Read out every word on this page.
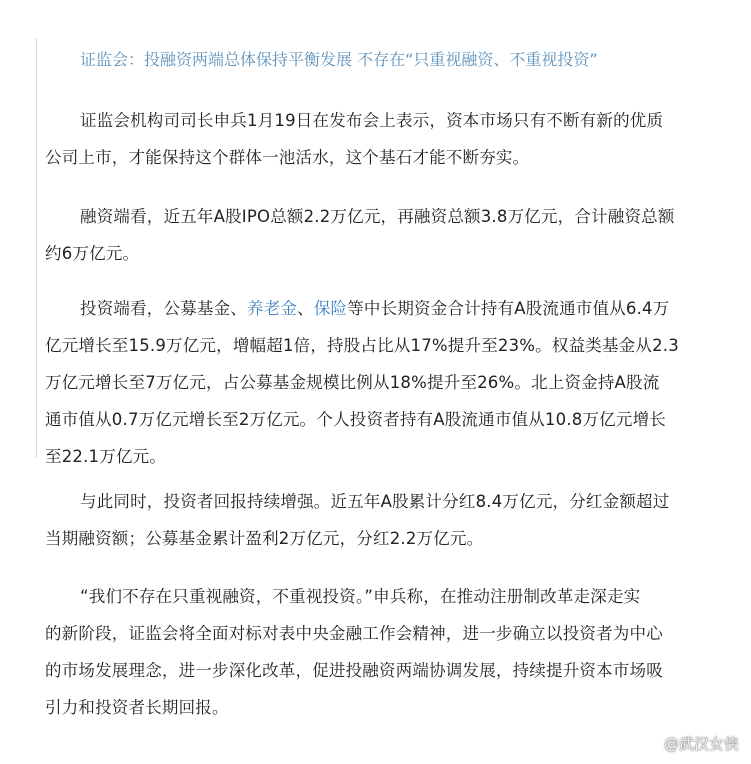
证监会：投融资两端总体保持平衡发展 不存在“只重视融资、不重视投资”
证监会机构司司长申兵1月19日在发布会上表示，资本市场只有不断有新的优质
公司上市，才能保持这个群体一池活水，这个基石才能不断夯实。
融资端看，近五年A股IPO总额2.2万亿元，再融资总额3.8万亿元，合计融资总额
约6万亿元。
投资端看，公募基金、养老金、保险等中长期资金合计持有A股流通市值从6.4万
亿元增长至15.9万亿元，增幅超1倍，持股占比从17%提升至23%。权益类基金从2.3
万亿元增长至7万亿元，占公募基金规模比例从18%提升至26%。北上资金持A股流
通市值从0.7万亿元增长至2万亿元。个人投资者持有A股流通市值从10.8万亿元增长
至22.1万亿元。
与此同时，投资者回报持续增强。近五年A股累计分红8.4万亿元，分红金额超过
当期融资额；公募基金累计盈利2万亿元，分红2.2万亿元。
“我们不存在只重视融资，不重视投资。”申兵称，在推动注册制改革走深走实
的新阶段，证监会将全面对标对表中央金融工作会精神，进一步确立以投资者为中心
的市场发展理念，进一步深化改革，促进投融资两端协调发展，持续提升资本市场吸
引力和投资者长期回报。
@武汉女侠
